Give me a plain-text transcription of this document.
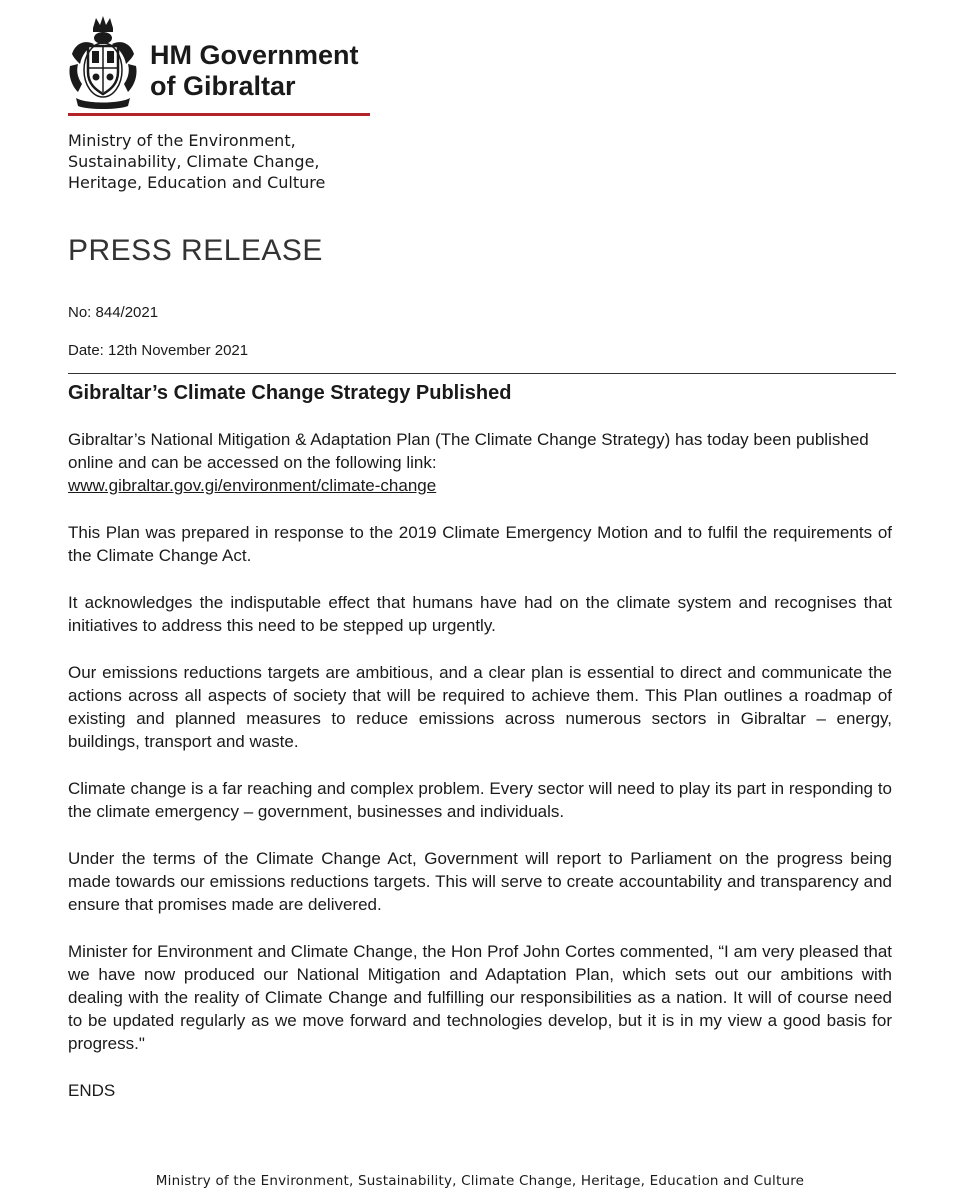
HM Government
of Gibraltar
Ministry of the Environment,
Sustainability, Climate Change,
Heritage, Education and Culture
PRESS RELEASE
No: 844/2021
Date: 12th November 2021
Gibraltar’s Climate Change Strategy Published

Gibraltar’s National Mitigation & Adaptation Plan (The Climate Change Strategy) has today been published online and can be accessed on the following link:
www.gibraltar.gov.gi/environment/climate-change

This Plan was prepared in response to the 2019 Climate Emergency Motion and to fulfil the requirements of the Climate Change Act.

It acknowledges the indisputable effect that humans have had on the climate system and recognises that initiatives to address this need to be stepped up urgently.

Our emissions reductions targets are ambitious, and a clear plan is essential to direct and communicate the actions across all aspects of society that will be required to achieve them. This Plan outlines a roadmap of existing and planned measures to reduce emissions across numerous sectors in Gibraltar – energy, buildings, transport and waste.

Climate change is a far reaching and complex problem. Every sector will need to play its part in responding to the climate emergency – government, businesses and individuals.

Under the terms of the Climate Change Act, Government will report to Parliament on the progress being made towards our emissions reductions targets. This will serve to create accountability and transparency and ensure that promises made are delivered.

Minister for Environment and Climate Change, the Hon Prof John Cortes commented, “I am very pleased that we have now produced our National Mitigation and Adaptation Plan, which sets out our ambitions with dealing with the reality of Climate Change and fulfilling our responsibilities as a nation. It will of course need to be updated regularly as we move forward and technologies develop, but it is in my view a good basis for progress."

ENDS
Ministry of the Environment, Sustainability, Climate Change, Heritage, Education and Culture
